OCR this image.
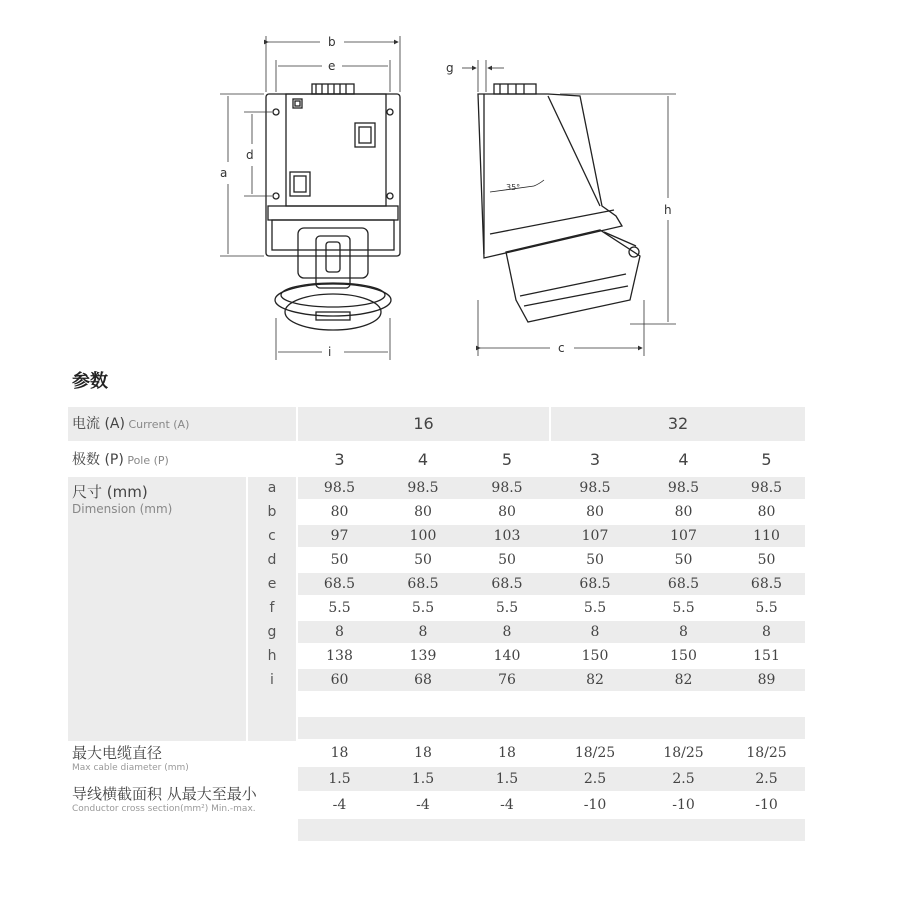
b
e
a
d
i
g
h
c
35°
参数
电流 (A) Current (A)	16	32
极数 (P) Pole (P)	3	4	5	3	4	5
尺寸 (mm)
Dimension (mm)
a	98.5	98.5	98.5	98.5	98.5	98.5
b	80	80	80	80	80	80
c	97	100	103	107	107	110
d	50	50	50	50	50	50
e	68.5	68.5	68.5	68.5	68.5	68.5
f	5.5	5.5	5.5	5.5	5.5	5.5
g	8	8	8	8	8	8
h	138	139	140	150	150	151
i	60	68	76	82	82	89
最大电缆直径
Max cable diameter (mm)
18	18	18	18/25	18/25	18/25
导线横截面积 从最大至最小
Conductor cross section(mm²) Min.-max.
1.5	1.5	1.5	2.5	2.5	2.5
-4	-4	-4	-10	-10	-10
